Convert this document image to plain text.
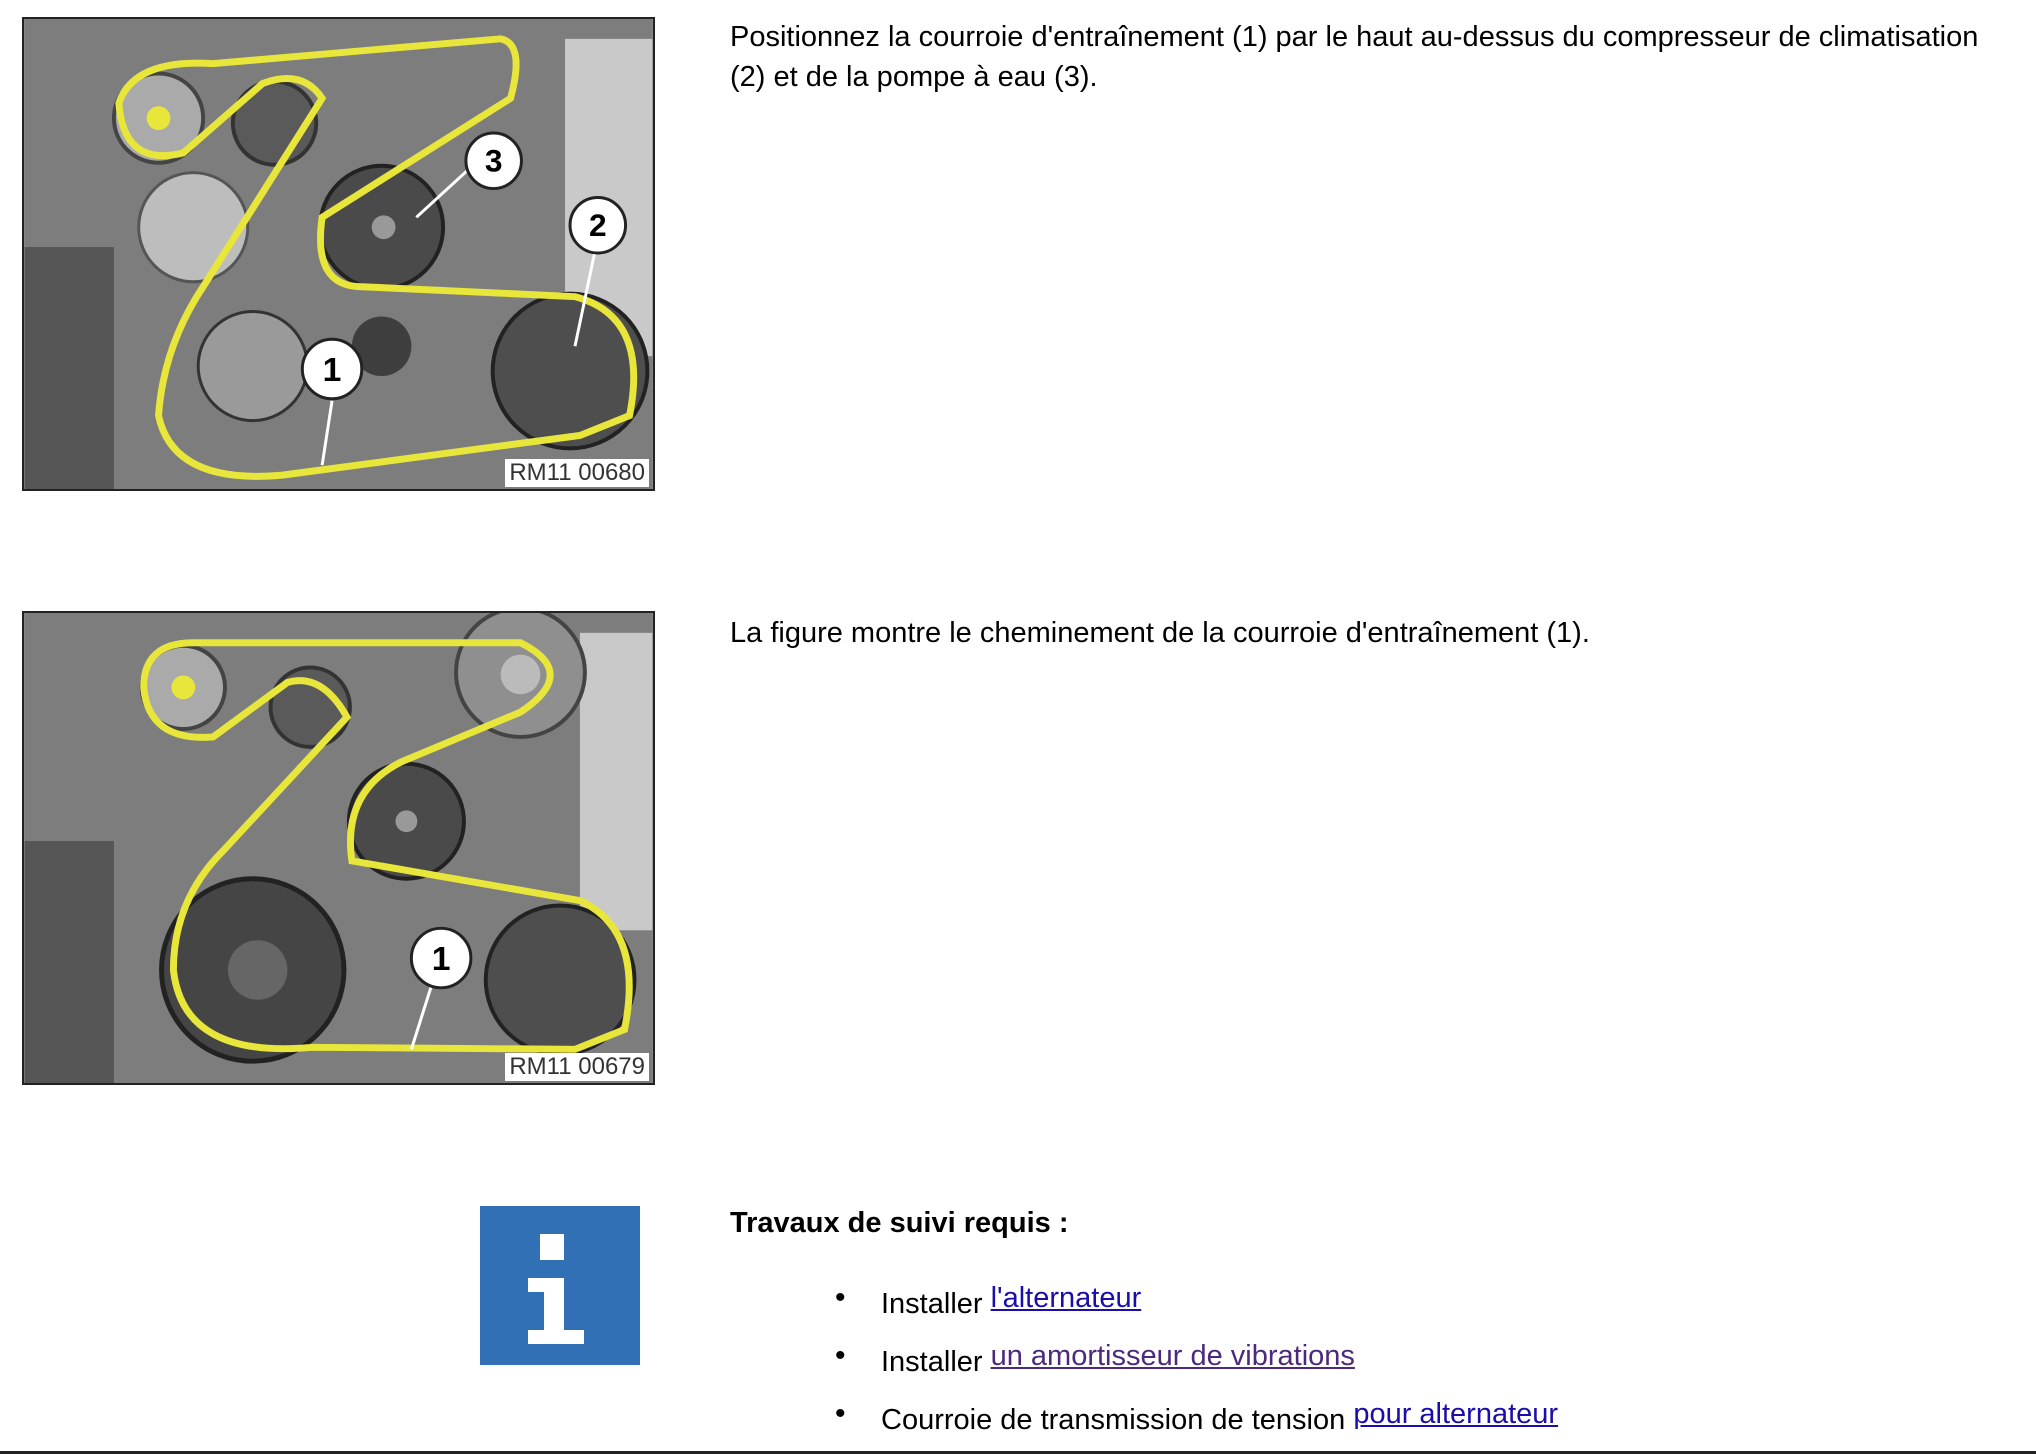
3
2
1
RM11 00680
Positionnez la courroie d'entraînement (1) par le haut au-dessus du compresseur de climatisation (2) et de la pompe à eau (3).
1
RM11 00679
La figure montre le cheminement de la courroie d'entraînement (1).
Travaux de suivi requis :
• Installer l'alternateur
• Installer un amortisseur de vibrations
• Courroie de transmission de tension pour alternateur
